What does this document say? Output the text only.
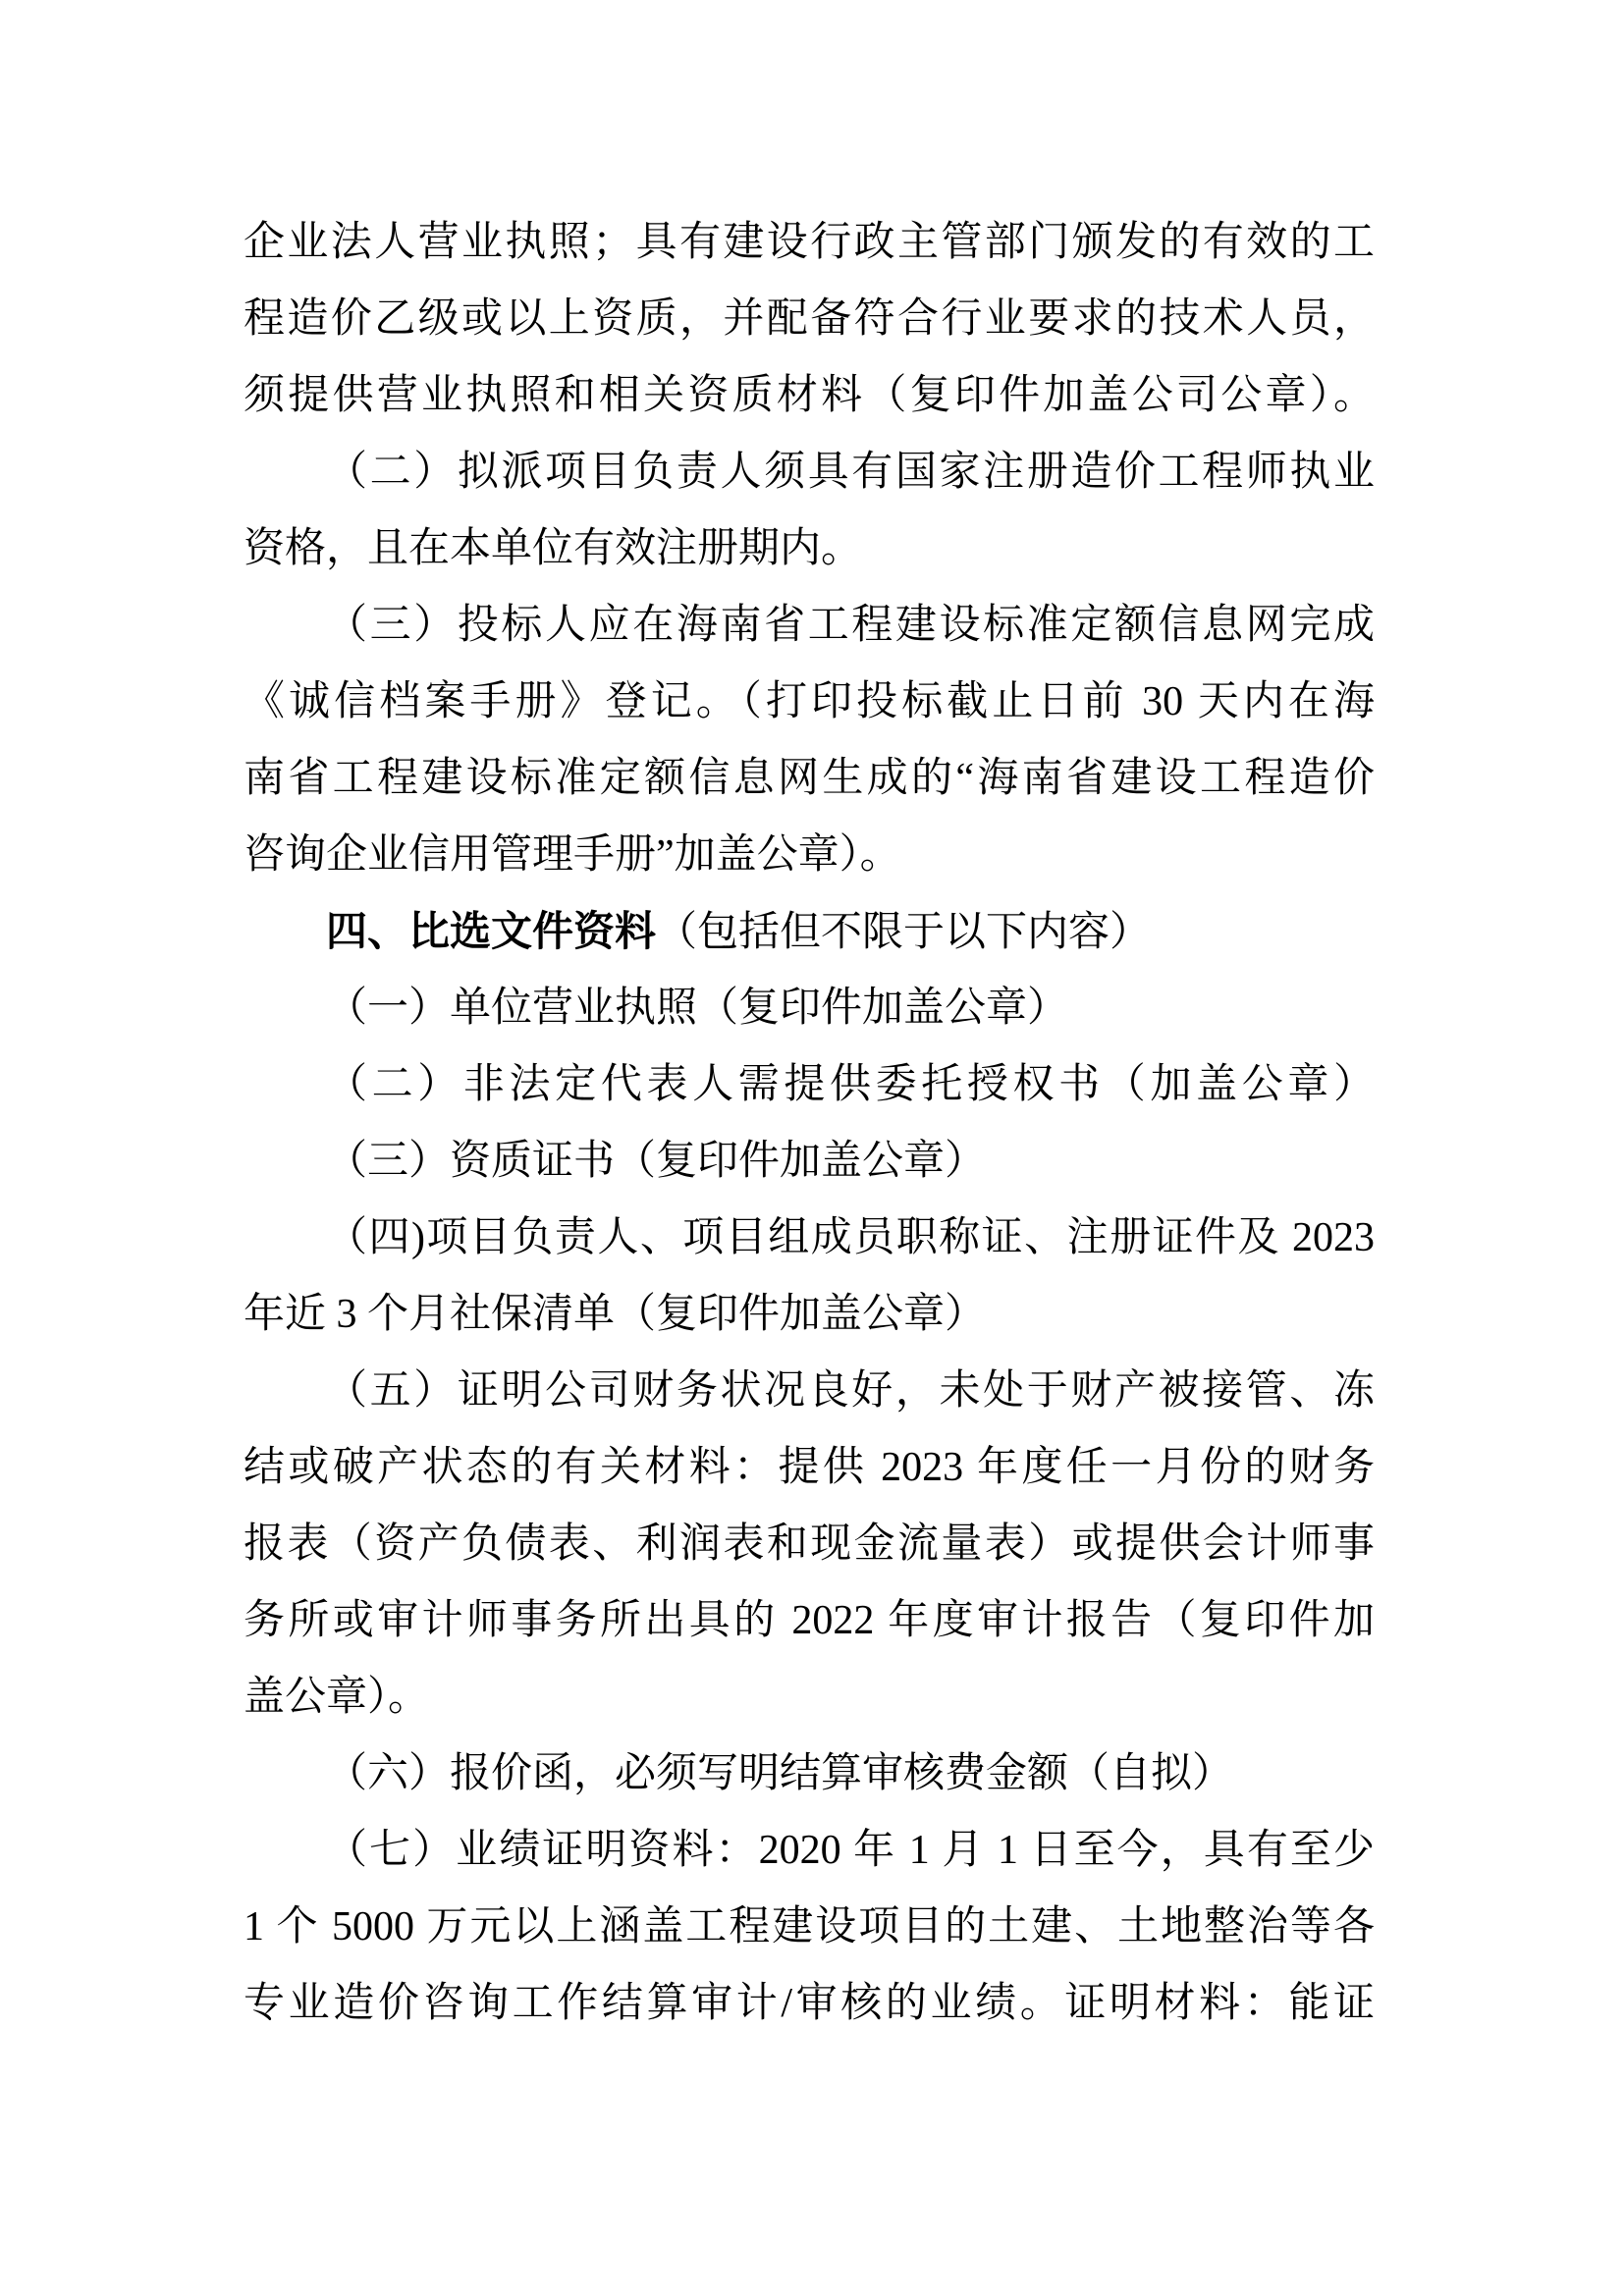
企业法人营业执照；具有建设行政主管部门颁发的有效的工
程造价乙级或以上资质，并配备符合行业要求的技术人员，
须提供营业执照和相关资质材料（复印件加盖公司公章）。
（二）拟派项目负责人须具有国家注册造价工程师执业
资格，且在本单位有效注册期内。
（三）投标人应在海南省工程建设标准定额信息网完成
《诚信档案手册》登记。（打印投标截止日前 30 天内在海
南省工程建设标准定额信息网生成的“海南省建设工程造价
咨询企业信用管理手册”加盖公章）。
四、比选文件资料（包括但不限于以下内容）
（一）单位营业执照（复印件加盖公章）
（二）非法定代表人需提供委托授权书（加盖公章）
（三）资质证书（复印件加盖公章）
（四)项目负责人、项目组成员职称证、注册证件及 2023
年近 3 个月社保清单（复印件加盖公章）
（五）证明公司财务状况良好，未处于财产被接管、冻
结或破产状态的有关材料：提供 2023 年度任一月份的财务
报表（资产负债表、利润表和现金流量表）或提供会计师事
务所或审计师事务所出具的 2022 年度审计报告（复印件加
盖公章）。
（六）报价函，必须写明结算审核费金额（自拟）
（七）业绩证明资料：2020 年 1 月 1 日至今，具有至少
1 个 5000 万元以上涵盖工程建设项目的土建、土地整治等各
专业造价咨询工作结算审计/审核的业绩。证明材料：能证
